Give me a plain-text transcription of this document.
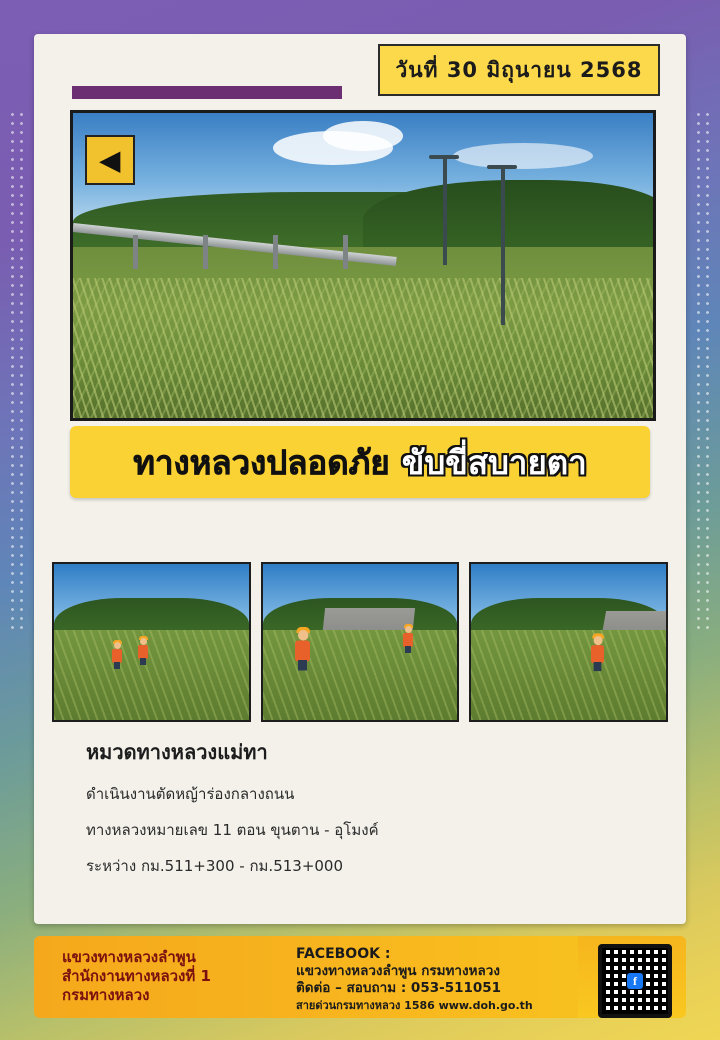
วันที่ 30 มิถุนายน 2568
◀
ทางหลวงปลอดภัย ขับขี่สบายตา
หมวดทางหลวงแม่ทา
ดำเนินงานตัดหญ้าร่องกลางถนน
ทางหลวงหมายเลข 11 ตอน ขุนตาน - อุโมงค์
ระหว่าง กม.511+300 - กม.513+000
แขวงทางหลวงลำพูน
สำนักงานทางหลวงที่ 1
กรมทางหลวง
FACEBOOK :
แขวงทางหลวงลำพูน กรมทางหลวง
ติดต่อ – สอบถาม : 053-511051
สายด่วนกรมทางหลวง 1586 www.doh.go.th
f
